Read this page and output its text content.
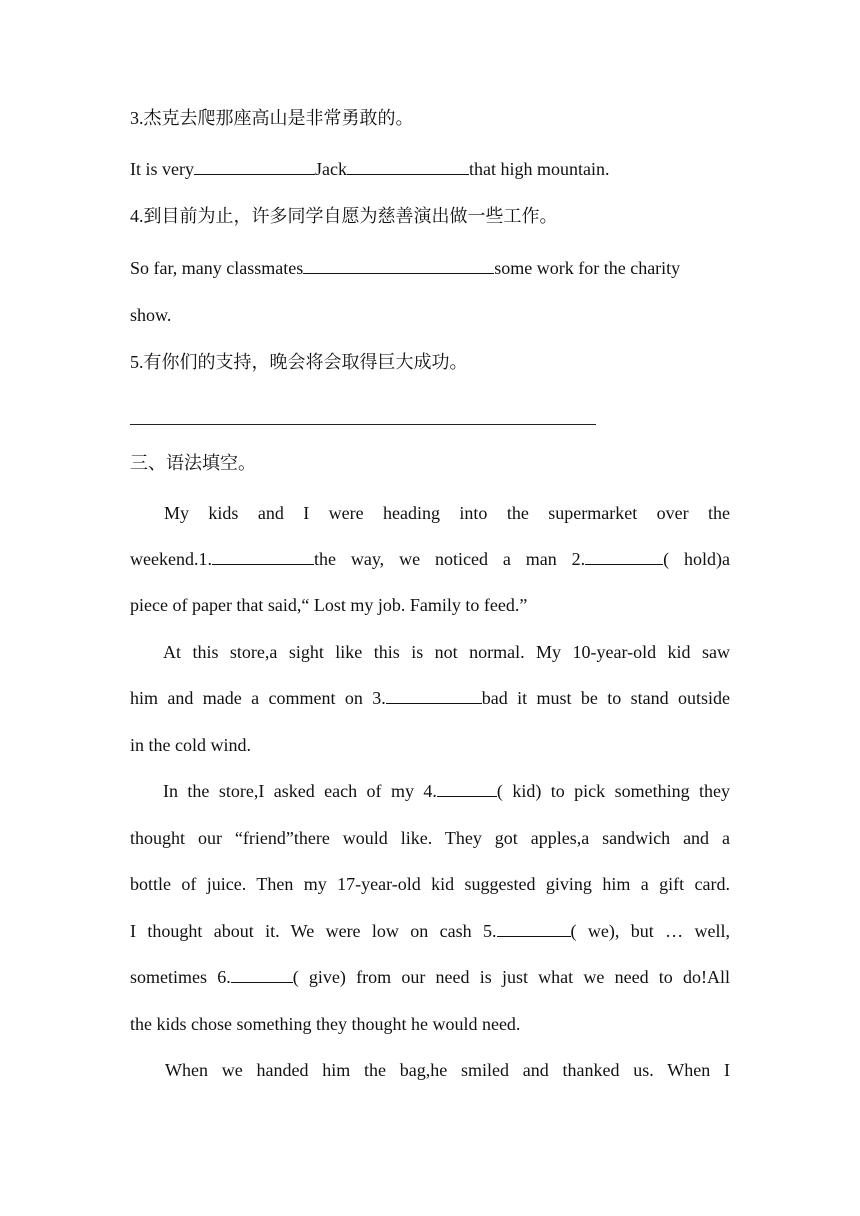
3.杰克去爬那座高山是非常勇敢的。
It is very	Jack	that high mountain.
4.到目前为止，许多同学自愿为慈善演出做一些工作。
So far, many classmates	some work for the charity
show.
5.有你们的支持，晚会将会取得巨大成功。
三、语法填空。
My kids and I were heading into the supermarket over the
weekend.1.	the way, we noticed a man 2.	( hold)a
piece of paper that said,“ Lost my job. Family to feed.”
At this store,a sight like this is not normal. My 10-year-old kid saw
him and made a comment on 3.	bad it must be to stand outside
in the cold wind.
In the store,I asked each of my 4.	( kid) to pick something they
thought our “friend”there would like. They got apples,a sandwich and a
bottle of juice. Then my 17-year-old kid suggested giving him a gift card.
I thought about it. We were low on cash 5.	( we), but … well,
sometimes 6.	( give) from our need is just what we need to do!All
the kids chose something they thought he would need.
When we handed him the bag,he smiled and thanked us. When I
